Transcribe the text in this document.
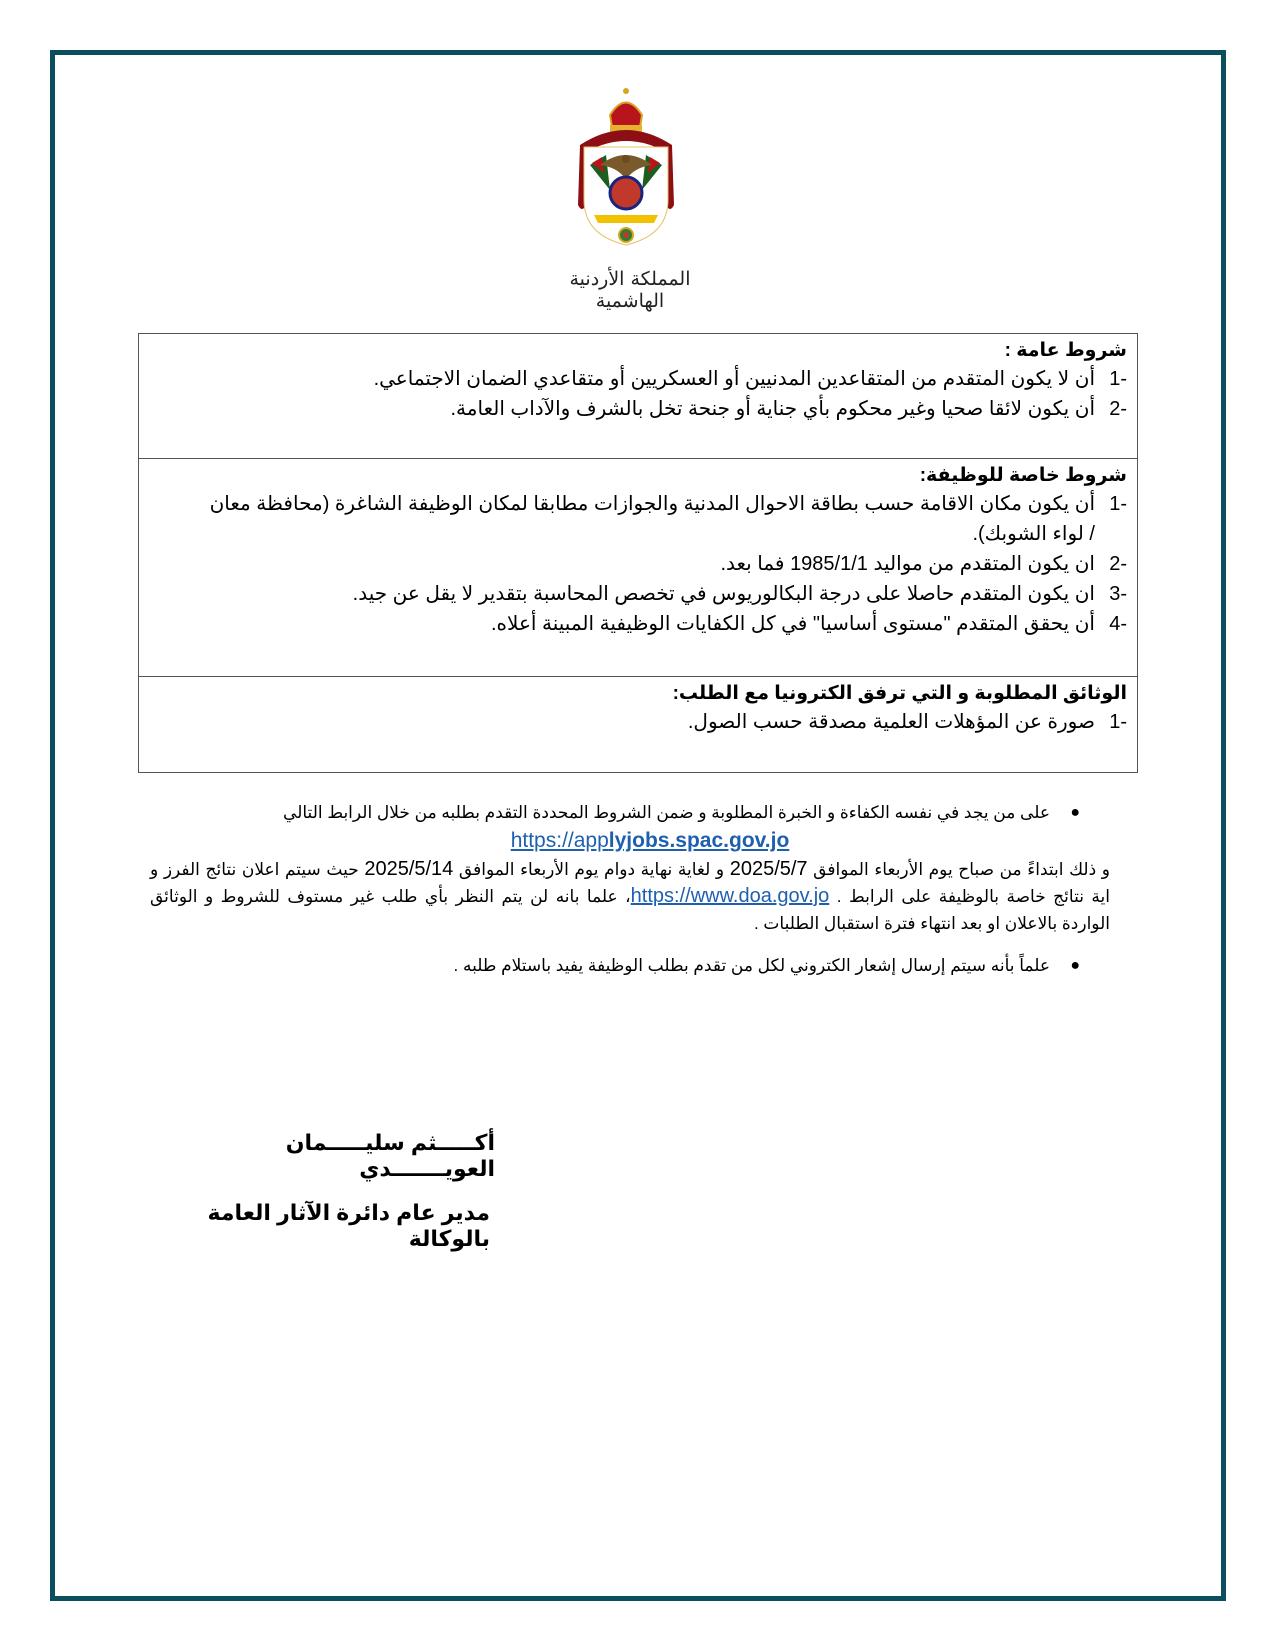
المملكة الأردنية الهاشمية
شروط عامة :
1-
أن لا يكون المتقدم من المتقاعدين المدنيين أو العسكريين أو متقاعدي الضمان الاجتماعي.
2-
أن يكون لائقا صحيا وغير محكوم بأي جناية أو جنحة تخل بالشرف والآداب العامة.
شروط خاصة للوظيفة:
1-
أن يكون مكان الاقامة حسب بطاقة الاحوال المدنية والجوازات مطابقا لمكان الوظيفة الشاغرة (محافظة معان / لواء الشوبك).
2-
ان يكون المتقدم من مواليد 1985/1/1 فما بعد.
3-
ان يكون المتقدم حاصلا على درجة البكالوريوس في تخصص المحاسبة بتقدير لا يقل عن جيد.
4-
أن يحقق المتقدم "مستوى أساسيا" في كل الكفايات الوظيفية المبينة أعلاه.
الوثائق المطلوبة و التي ترفق الكترونيا مع الطلب:
1-
صورة عن المؤهلات العلمية مصدقة حسب الصول.
●
على من يجد في نفسه الكفاءة و الخبرة المطلوبة و ضمن الشروط المحددة التقدم بطلبه من خلال الرابط التالي
https://applyjobs.spac.gov.jo
و ذلك ابتداءً من صباح يوم الأربعاء الموافق 2025/5/7 و لغاية نهاية دوام يوم الأربعاء الموافق 2025/5/14 حيث سيتم اعلان نتائج الفرز و اية نتائج خاصة بالوظيفة على الرابط . https://www.doa.gov.jo، علما بانه لن يتم النظر بأي طلب غير مستوف للشروط و الوثائق الواردة بالاعلان او بعد انتهاء فترة استقبال الطلبات .
●
علماً بأنه سيتم إرسال إشعار الكتروني لكل من تقدم بطلب الوظيفة يفيد باستلام طلبه .
أكـــــثم سليـــــمان العويـــــــدي
مدير عام دائرة الآثار العامة بالوكالة
